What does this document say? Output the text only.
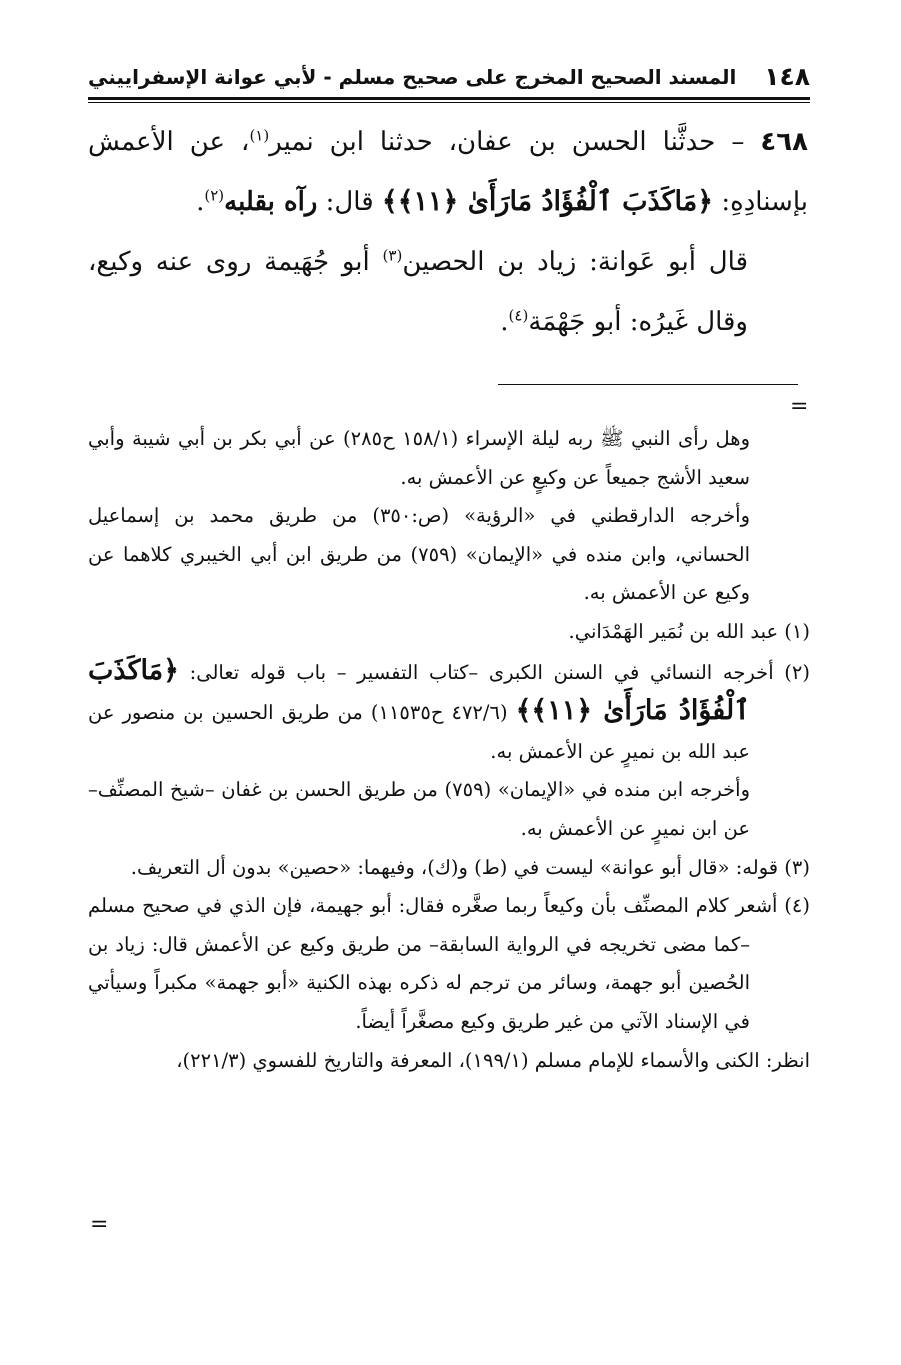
١٤٨
المسند الصحيح المخرج على صحيح مسلم - لأبي عوانة الإسفراييني

٤٦٨ – حدثَّنا الحسن بن عفان، حدثنا ابن نمير$^{(١)}$، عن الأعمش بإسنادِهِ: ﴿مَاكَذَبَ ٱلْفُؤَادُ مَارَأَىٰ ﴿١١﴾﴾ قال: رآه بقلبه$^{(٢)}$.

قال أبو عَوانة: زياد بن الحصين$^{(٣)}$ أبو جُهَيمة روى عنه وكيع، وقال غَيرُه: أبو جَهْمَة$^{(٤)}$.

=

وهل رأى النبي ﷺ ربه ليلة الإسراء (١٥٨/١ ح٢٨٥) عن أبي بكر بن أبي شيبة وأبي سعيد الأشج جميعاً عن وكيعٍ عن الأعمش به.

وأخرجه الدارقطني في «الرؤية» (ص:٣٥٠) من طريق محمد بن إسماعيل الحساني، وابن منده في «الإيمان» (٧٥٩) من طريق ابن أبي الخيبري كلاهما عن وكيع عن الأعمش به.

(١) عبد الله بن نُمَير الهَمْدَاني.

(٢) أخرجه النسائي في السنن الكبرى –كتاب التفسير – باب قوله تعالى: ﴿مَاكَذَبَ ٱلْفُؤَادُ مَارَأَىٰ ﴿١١﴾﴾ (٤٧٢/٦ ح١١٥٣٥) من طريق الحسين بن منصور عن عبد الله بن نميرٍ عن الأعمش به.

وأخرجه ابن منده في «الإيمان» (٧٥٩) من طريق الحسن بن غفان –شيخ المصنِّف– عن ابن نميرٍ عن الأعمش به.

(٣) قوله: «قال أبو عوانة» ليست في (ط) و(ك)، وفيهما: «حصين» بدون أل التعريف.

(٤) أشعر كلام المصنِّف بأن وكيعاً ربما صغَّره فقال: أبو جهيمة، فإن الذي في صحيح مسلم –كما مضى تخريجه في الرواية السابقة– من طريق وكيع عن الأعمش قال: زياد بن الحُصين أبو جهمة، وسائر من ترجم له ذكره بهذه الكنية «أبو جهمة» مكبراً وسيأتي في الإسناد الآتي من غير طريق وكيع مصغَّراً أيضاً.

انظر: الكنى والأسماء للإمام مسلم (١٩٩/١)، المعرفة والتاريخ للفسوي (٢٢١/٣)،

=
